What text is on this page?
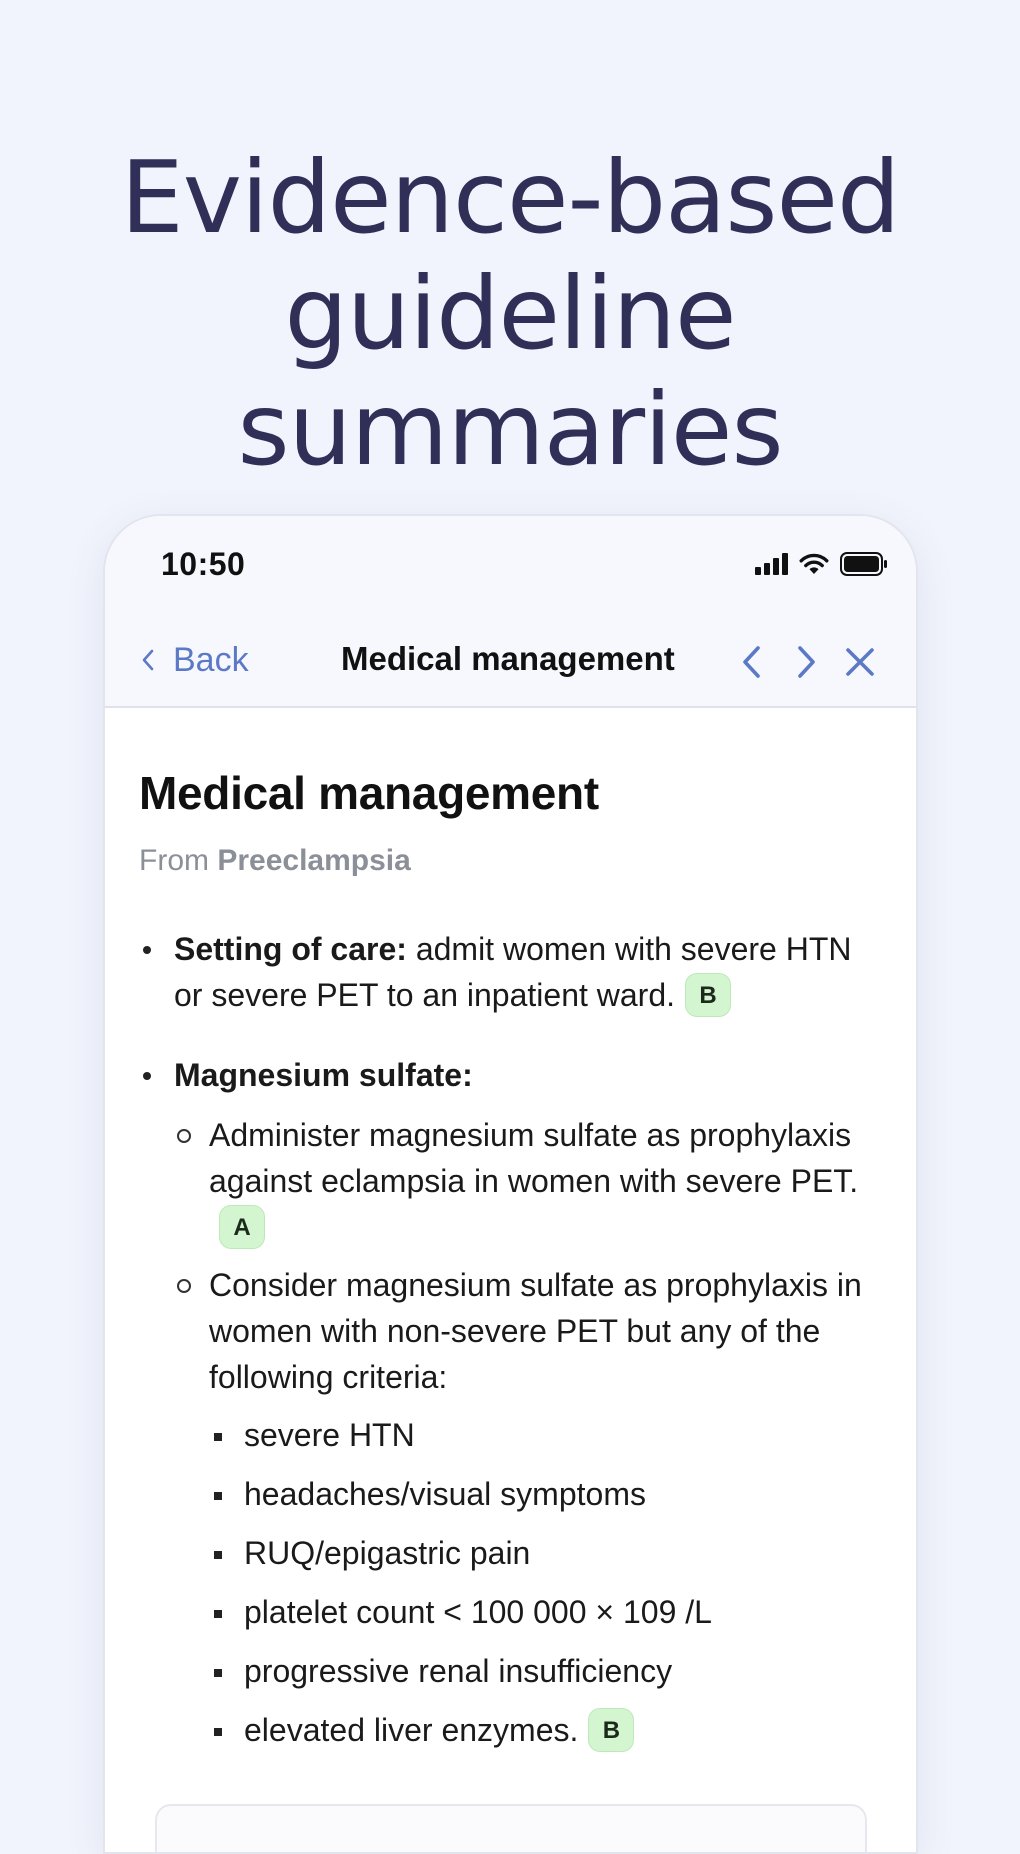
Evidence-based
guideline summaries
10:50
Back	Medical management
Medical management

From Preeclampsia

Setting of care: admit women with severe HTN or severe PET to an inpatient ward. B
Magnesium sulfate:
Administer magnesium sulfate as prophylaxis against eclampsia in women with severe PET.A
Consider magnesium sulfate as prophylaxis in women with non-severe PET but any of the following criteria:
severe HTN
headaches/visual symptoms
RUQ/epigastric pain
platelet count < 100 000 × 109 /L
progressive renal insufficiency
elevated liver enzymes. B
